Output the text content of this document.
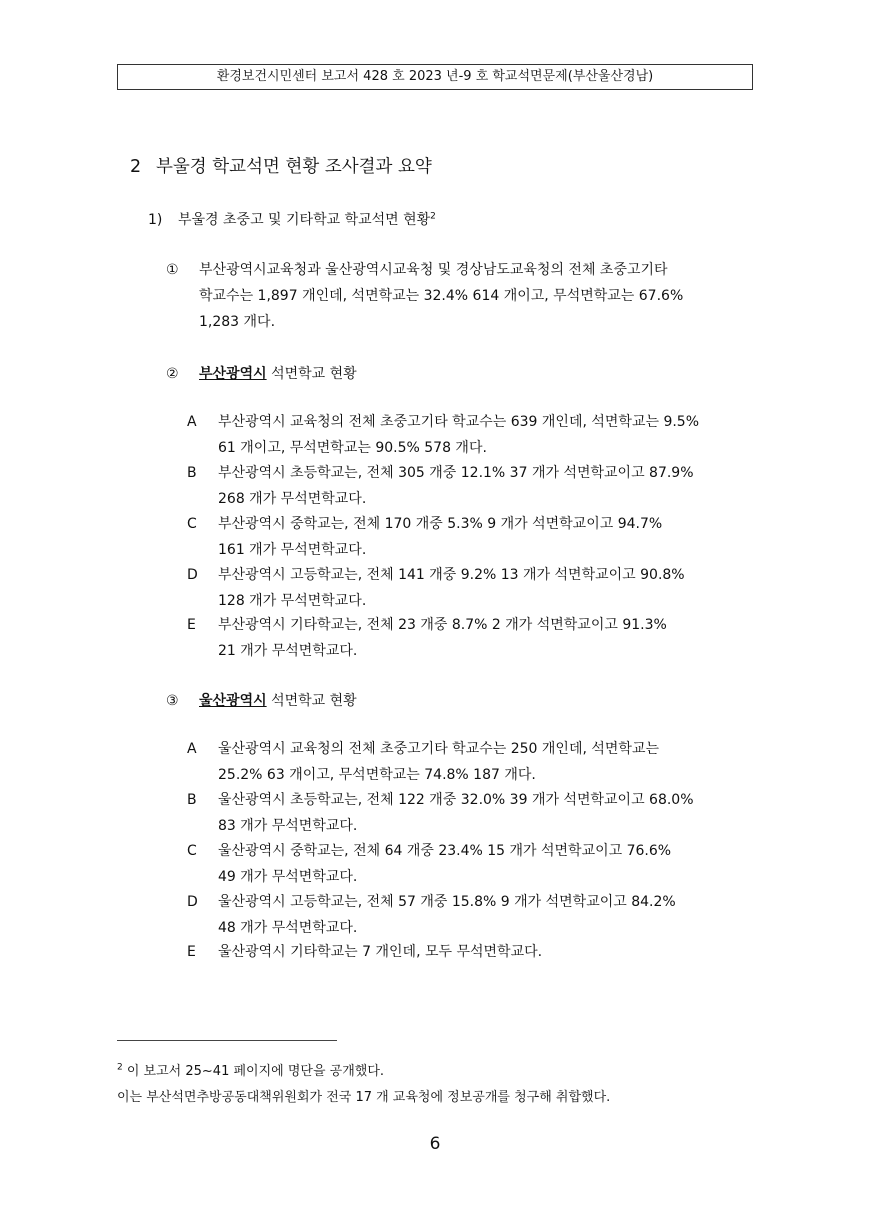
환경보건시민센터 보고서 428 호 2023 년-9 호 학교석면문제(부산울산경남)
2 부울경 학교석면 현황 조사결과 요약
1) 부울경 초중고 및 기타학교 학교석면 현황$^2$
① 부산광역시교육청과 울산광역시교육청 및 경상남도교육청의 전체 초중고기타
학교수는 1,897 개인데, 석면학교는 32.4% 614 개이고, 무석면학교는 67.6%
1,283 개다.
② 부산광역시 석면학교 현황
A 부산광역시 교육청의 전체 초중고기타 학교수는 639 개인데, 석면학교는 9.5%
61 개이고, 무석면학교는 90.5% 578 개다.
B 부산광역시 초등학교는, 전체 305 개중 12.1% 37 개가 석면학교이고 87.9%
268 개가 무석면학교다.
C 부산광역시 중학교는, 전체 170 개중 5.3% 9 개가 석면학교이고 94.7%
161 개가 무석면학교다.
D 부산광역시 고등학교는, 전체 141 개중 9.2% 13 개가 석면학교이고 90.8%
128 개가 무석면학교다.
E 부산광역시 기타학교는, 전체 23 개중 8.7% 2 개가 석면학교이고 91.3%
21 개가 무석면학교다.
③ 울산광역시 석면학교 현황
A 울산광역시 교육청의 전체 초중고기타 학교수는 250 개인데, 석면학교는
25.2% 63 개이고, 무석면학교는 74.8% 187 개다.
B 울산광역시 초등학교는, 전체 122 개중 32.0% 39 개가 석면학교이고 68.0%
83 개가 무석면학교다.
C 울산광역시 중학교는, 전체 64 개중 23.4% 15 개가 석면학교이고 76.6%
49 개가 무석면학교다.
D 울산광역시 고등학교는, 전체 57 개중 15.8% 9 개가 석면학교이고 84.2%
48 개가 무석면학교다.
E 울산광역시 기타학교는 7 개인데, 모두 무석면학교다.
$^2$ 이 보고서 25~41 페이지에 명단을 공개했다.
이는 부산석면추방공동대책위원회가 전국 17 개 교육청에 정보공개를 청구해 취합했다.
6
